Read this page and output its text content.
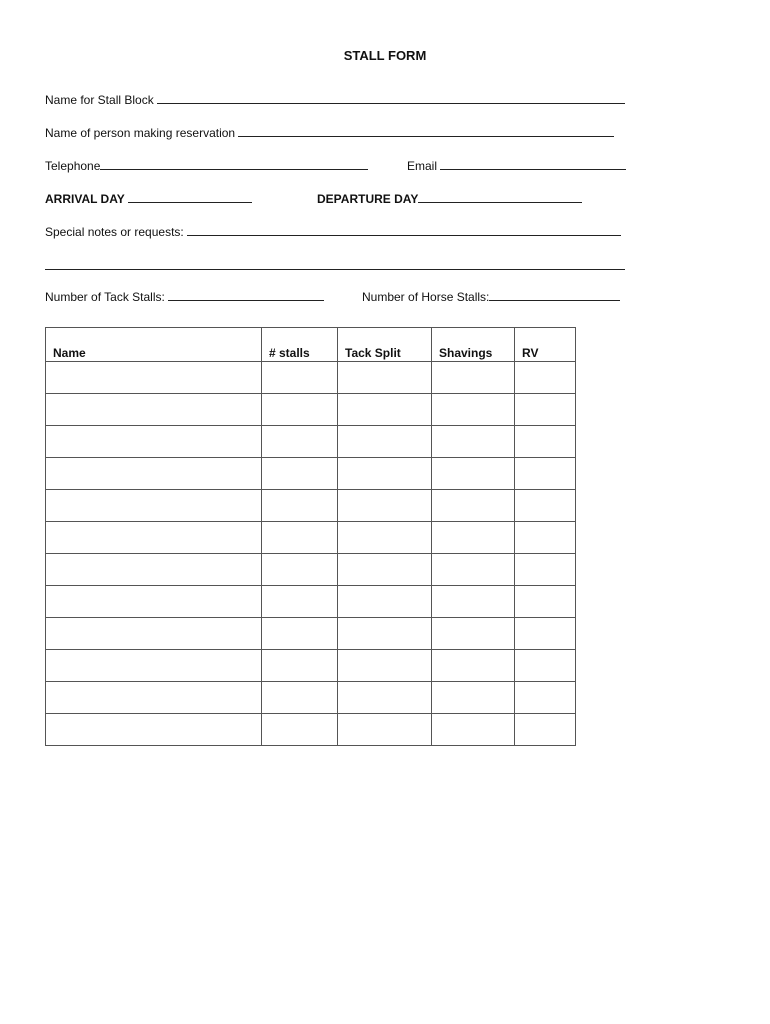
STALL FORM
Name for Stall Block
Name of person making reservation
Telephone	Email
ARRIVAL DAY	DEPARTURE DAY
Special notes or requests:
Number of Tack Stalls:	Number of Horse Stalls:
Name	# stalls	Tack Split	Shavings	RV
